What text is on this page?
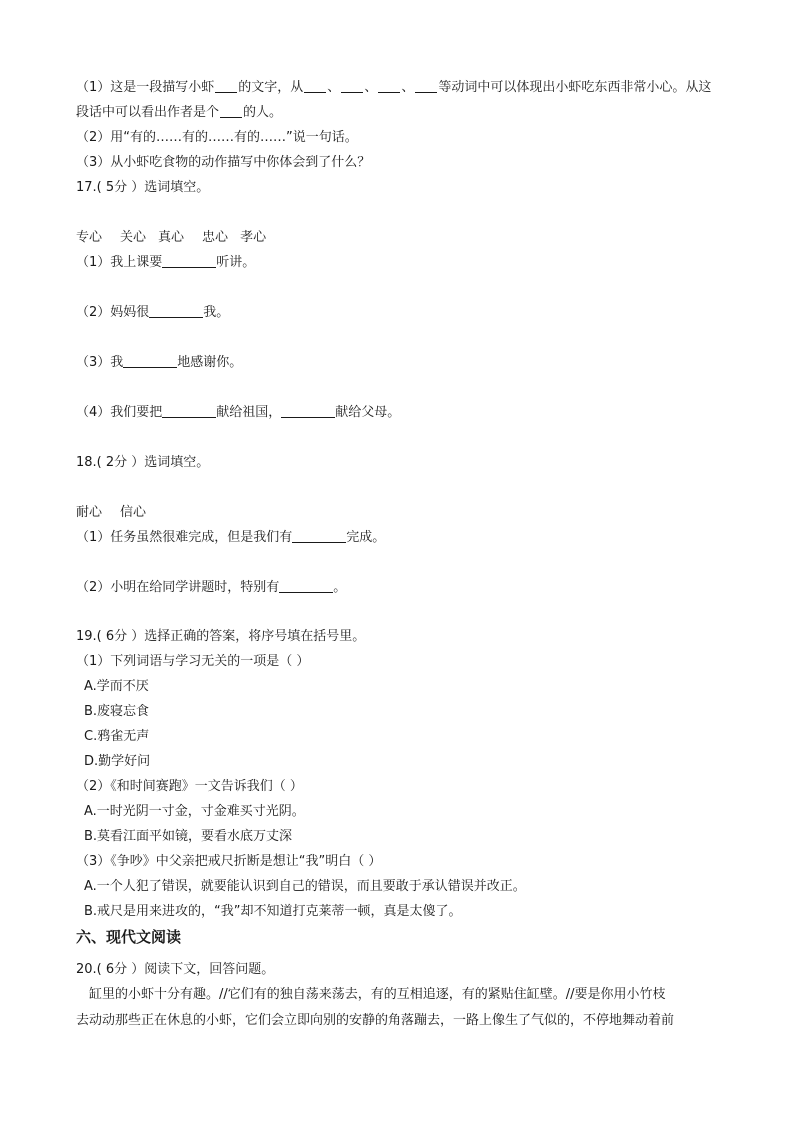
（1）这是一段描写小虾 的文字，从 、 、 、 等动词中可以体现出小虾吃东西非常小心。从这
段话中可以看出作者是个 的人。
（2）用“有的……有的……有的……”说一句话。
（3）从小虾吃食物的动作描写中你体会到了什么？
17.( 5分 ）选词填空。
专心 关心 真心 忠心 孝心
（1）我上课要	听讲。
（2）妈妈很	我。
（3）我	地感谢你。
（4）我们要把	献给祖国，	献给父母。
18.( 2分 ）选词填空。
耐心 信心
（1）任务虽然很难完成，但是我们有	完成。
（2）小明在给同学讲题时，特别有	。
19.( 6分 ）选择正确的答案，将序号填在括号里。
（1）下列词语与学习无关的一项是（ ）
A.学而不厌
B.废寝忘食
C.鸦雀无声
D.勤学好问
（2）《和时间赛跑》一文告诉我们（ ）
A.一时光阴一寸金，寸金难买寸光阴。
B.莫看江面平如镜，要看水底万丈深
（3）《争吵》中父亲把戒尺折断是想让“我”明白（ ）
A.一个人犯了错误，就要能认识到自己的错误，而且要敢于承认错误并改正。
B.戒尺是用来进攻的，“我”却不知道打克莱蒂一顿，真是太傻了。
六、现代文阅读
20.( 6分 ）阅读下文，回答问题。
　缸里的小虾十分有趣。//它们有的独自荡来荡去，有的互相追逐，有的紧贴住缸壁。//要是你用小竹枝
去动动那些正在休息的小虾，它们会立即向别的安静的角落蹦去，一路上像生了气似的，不停地舞动着前
